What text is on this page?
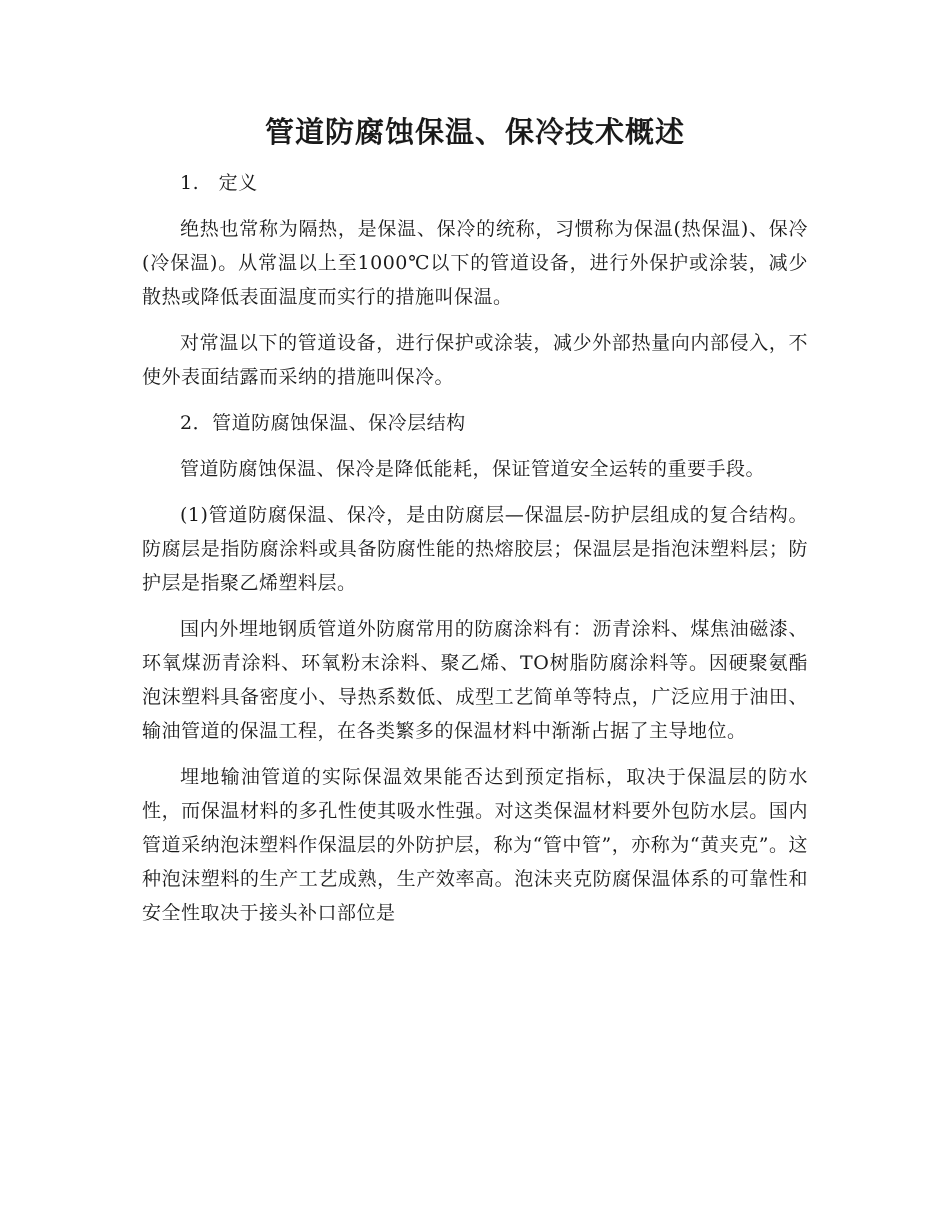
管道防腐蚀保温、保冷技术概述

1.　定义

绝热也常称为隔热，是保温、保冷的统称，习惯称为保温(热保温)、保冷(冷保温)。从常温以上至1000℃以下的管道设备，进行外保护或涂装，减少散热或降低表面温度而实行的措施叫保温。

对常温以下的管道设备，进行保护或涂装，减少外部热量向内部侵入，不使外表面结露而采纳的措施叫保冷。

2．管道防腐蚀保温、保冷层结构

管道防腐蚀保温、保冷是降低能耗，保证管道安全运转的重要手段。

(1)管道防腐保温、保冷，是由防腐层—保温层-防护层组成的复合结构。防腐层是指防腐涂料或具备防腐性能的热熔胶层；保温层是指泡沫塑料层；防护层是指聚乙烯塑料层。

国内外埋地钢质管道外防腐常用的防腐涂料有：沥青涂料、煤焦油磁漆、环氧煤沥青涂料、环氧粉末涂料、聚乙烯、TO树脂防腐涂料等。因硬聚氨酯泡沫塑料具备密度小、导热系数低、成型工艺简单等特点，广泛应用于油田、输油管道的保温工程，在各类繁多的保温材料中渐渐占据了主导地位。

埋地输油管道的实际保温效果能否达到预定指标，取决于保温层的防水性，而保温材料的多孔性使其吸水性强。对这类保温材料要外包防水层。国内管道采纳泡沫塑料作保温层的外防护层，称为“管中管”，亦称为“黄夹克”。这种泡沫塑料的生产工艺成熟，生产效率高。泡沫夹克防腐保温体系的可靠性和安全性取决于接头补口部位是
